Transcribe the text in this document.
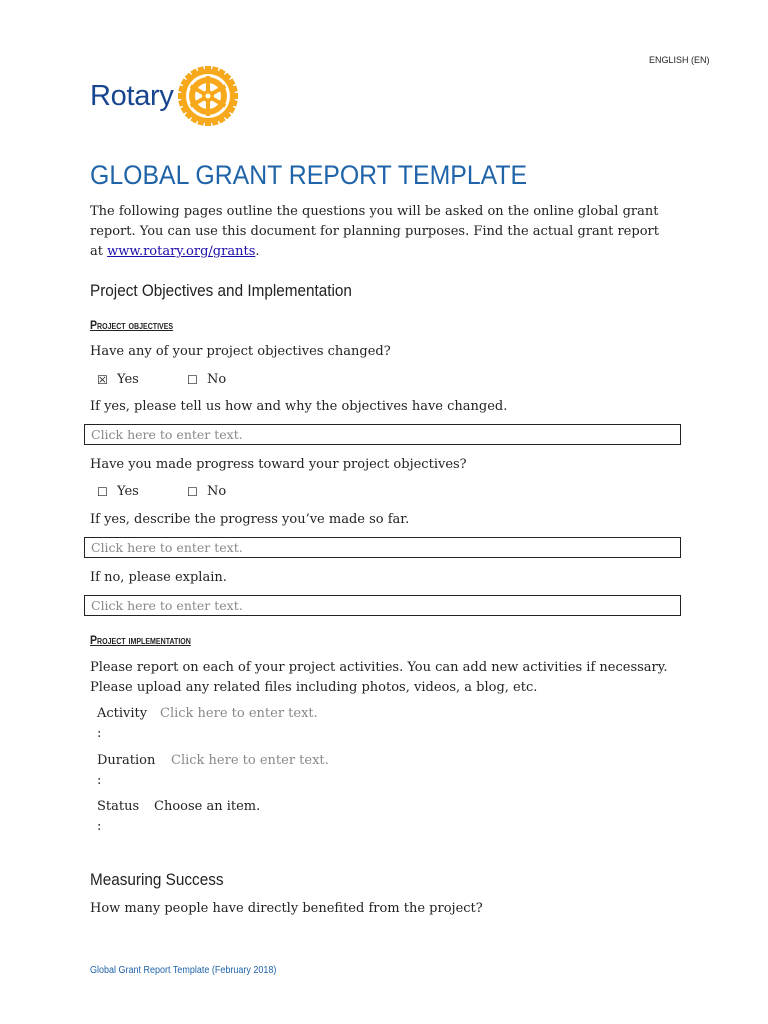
ENGLISH (EN)
Rotary
GLOBAL GRANT REPORT TEMPLATE

The following pages outline the questions you will be asked on the online global grant report. You can use this document for planning purposes. Find the actual grant report at www.rotary.org/grants.

Project Objectives and Implementation
Project objectives

Have any of your project objectives changed?

☒ Yes	☐ No

If yes, please tell us how and why the objectives have changed.

Click here to enter text.

Have you made progress toward your project objectives?

☐ Yes	☐ No

If yes, describe the progress you’ve made so far.

Click here to enter text.

If no, please explain.

Click here to enter text.
Project implementation

Please report on each of your project activities. You can add new activities if necessary. Please upload any related files including photos, videos, a blog, etc.

Activity
:
Click here to enter text.
Duration
:
Click here to enter text.
Status
:
Choose an item.
Measuring Success

How many people have directly benefited from the project?

Global Grant Report Template (February 2018)
